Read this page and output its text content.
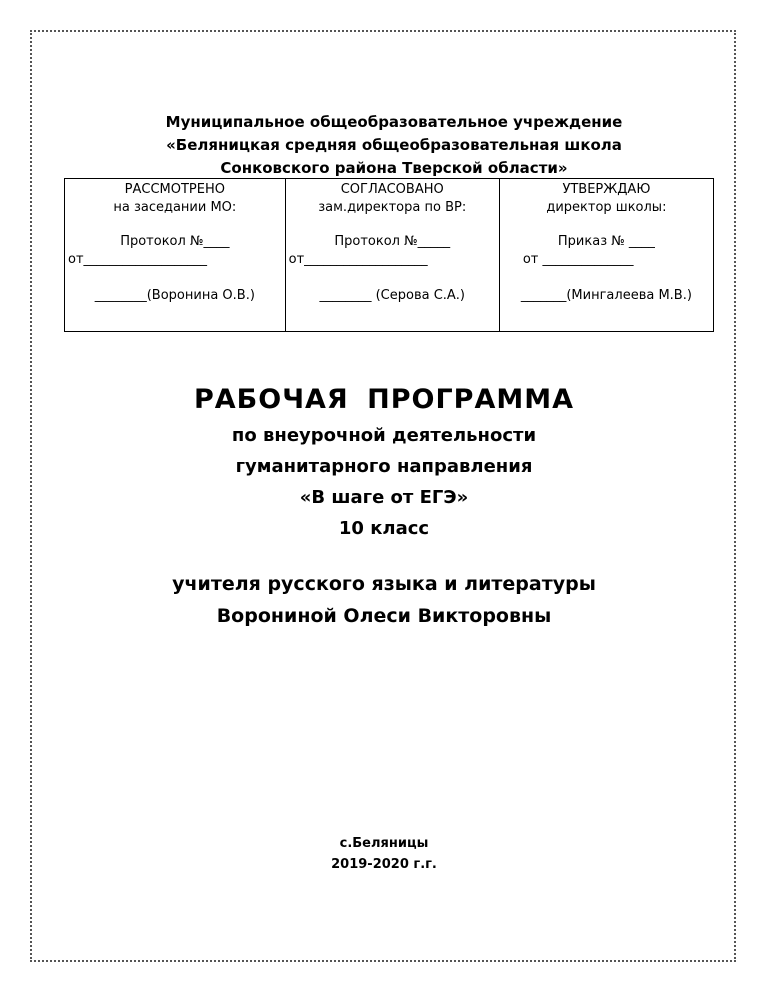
Муниципальное общеобразовательное учреждение
«Беляницкая средняя общеобразовательная школа
Сонковского района Тверской области»
РАССМОТРЕНО
на заседании МО:
Протокол №____
от___________________
________(Воронина О.В.)

СОГЛАСОВАНО
зам.директора по ВР:
Протокол №_____
от___________________
________ (Серова С.А.)

УТВЕРЖДАЮ
директор школы:
Приказ № ____
от ______________
_______(Мингалеева М.В.)
РАБОЧАЯ ПРОГРАММА
по внеурочной деятельности
гуманитарного направления
«В шаге от ЕГЭ»
10 класс
учителя русского языка и литературы
Ворониной Олеси Викторовны
с.Беляницы
2019-2020 г.г.
